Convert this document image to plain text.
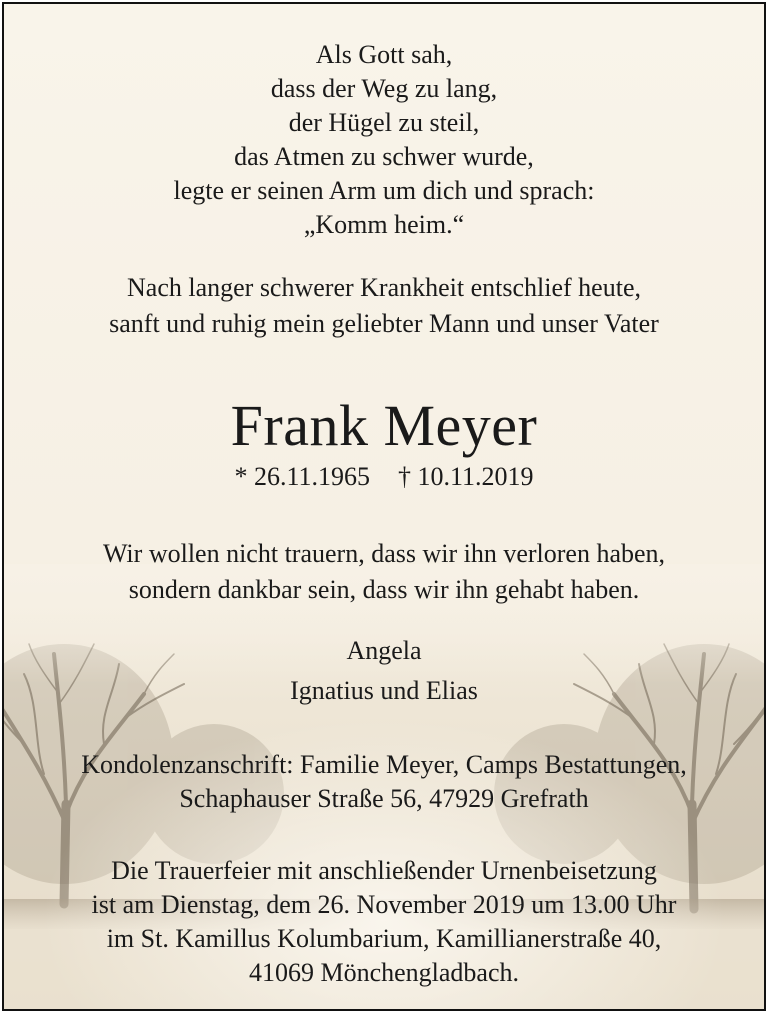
Als Gott sah,
dass der Weg zu lang,
der Hügel zu steil,
das Atmen zu schwer wurde,
legte er seinen Arm um dich und sprach:
„Komm heim.“
Nach langer schwerer Krankheit entschlief heute,
sanft und ruhig mein geliebter Mann und unser Vater
Frank Meyer
* 26.11.1965 † 10.11.2019
Wir wollen nicht trauern, dass wir ihn verloren haben,
sondern dankbar sein, dass wir ihn gehabt haben.
Angela
Ignatius und Elias
Kondolenzanschrift: Familie Meyer, Camps Bestattungen,
Schaphauser Straße 56, 47929 Grefrath
Die Trauerfeier mit anschließender Urnenbeisetzung
ist am Dienstag, dem 26. November 2019 um 13.00 Uhr
im St. Kamillus Kolumbarium, Kamillianerstraße 40,
41069 Mönchengladbach.
